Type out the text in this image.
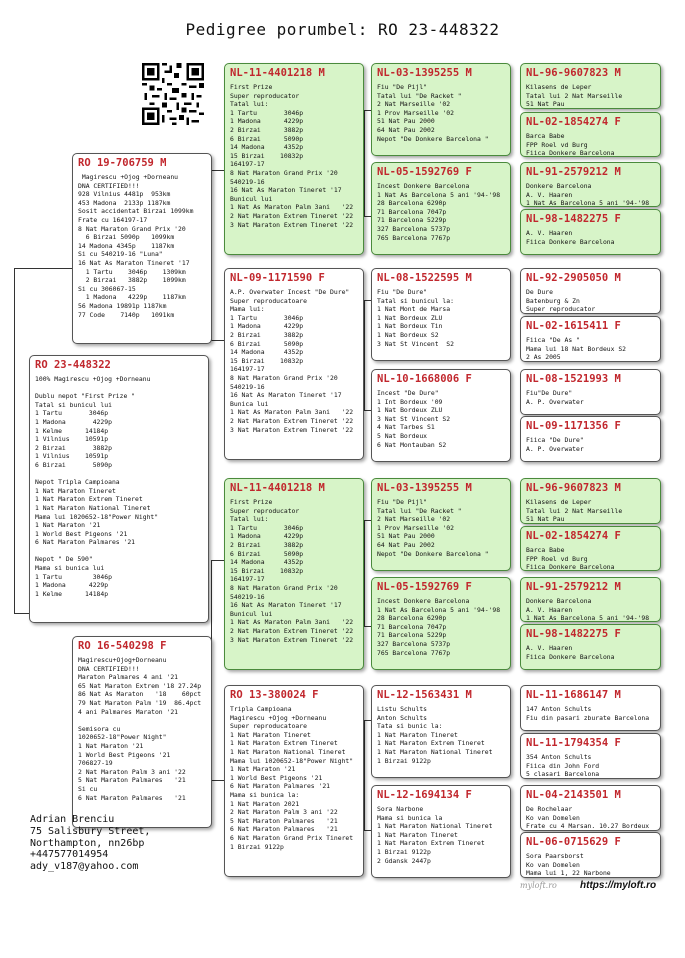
Pedigree porumbel: RO 23-448322
RO 23-448322
100% Magirescu +Ojog +Dorneanu

Dublu nepot "First Prize "
Tatal si bunicul lui
1 Tartu       3046p
1 Madona       4229p
1 Kelme      14184p
1 Vilnius    10591p
2 Birzai       3882p
1 Vilnius    10591p
6 Birzai       5090p

Nepot Tripla Campioana
1 Nat Maraton Tineret
1 Nat Maraton Extrem Tineret
1 Nat Maraton National Tineret
Mama lui 1020652-18"Power Night"
1 Nat Maraton '21
1 World Best Pigeons '21
6 Nat Maraton Palmares '21

Nepot " De 590"
Mama si bunica lui
1 Tartu        3046p
1 Madona      4229p
1 Kelme      14184p
RO 19-706759 M
Magirescu +Ojog +Dorneanu
DNA CERTIFIED!!!
928 Vilnius 4481p  953km
453 Madona  2133p 1187km
Sosit accidentat Birzai 1099km
Frate cu 164197-17
8 Nat Maraton Grand Prix '20
6 Birzai 5090p   1099km
14 Madona 4345p    1187km
Si cu 540219-16 "Luna"
16 Nat As Maraton Tineret '17
1 Tartu    3046p    1309km
2 Birzai   3882p    1099km
Si cu 306067-15
1 Madona   4229p    1187km
56 Madona 19891p 1187km
77 Code    7140p   1091km
RO 16-540298 F
Magirescu+Ojog+Dorneanu
DNA CERTIFIED!!!
Maraton Palmares 4 ani '21
65 Nat Maraton Extrem '18 27.24p
86 Nat As Maraton   '18    60pct
79 Nat Maraton Palm '19  86.4pct
4 ani Palmares Maraton '21

Semisora cu
1020652-18"Power Night"
1 Nat Maraton '21
1 World Best Pigeons '21
706827-19
2 Nat Maraton Palm 3 ani '22
5 Nat Maraton Palmares   '21
Si cu
6 Nat Maraton Palmares   '21
NL-11-4401218 M
First Prize
Super reproducator
Tatal lui:
1 Tartu       3046p
1 Madona      4229p
2 Birzai      3882p
6 Birzai      5090p
14 Madona     4352p
15 Birzai    10832p
164197-17
8 Nat Maraton Grand Prix '20
540219-16
16 Nat As Maraton Tineret '17
Bunicul lui
1 Nat As Maraton Palm 3ani   '22
2 Nat Maraton Extrem Tineret '22
3 Nat Maraton Extrem Tineret '22
NL-09-1171590 F
A.P. Overwater Incest "De Dure"
Super reproducatoare
Mama lui:
1 Tartu       3046p
1 Madona      4229p
2 Birzai      3882p
6 Birzai      5090p
14 Madona     4352p
15 Birzai    10832p
164197-17
8 Nat Maraton Grand Prix '20
540219-16
16 Nat As Maraton Tineret '17
Bunica lui
1 Nat As Maraton Palm 3ani   '22
2 Nat Maraton Extrem Tineret '22
3 Nat Maraton Extrem Tineret '22
NL-11-4401218 M
First Prize
Super reproducator
Tatal lui:
1 Tartu       3046p
1 Madona      4229p
2 Birzai      3882p
6 Birzai      5090p
14 Madona     4352p
15 Birzai    10832p
164197-17
8 Nat Maraton Grand Prix '20
540219-16
16 Nat As Maraton Tineret '17
Bunicul lui
1 Nat As Maraton Palm 3ani   '22
2 Nat Maraton Extrem Tineret '22
3 Nat Maraton Extrem Tineret '22
RO 13-380024 F
Tripla Campioana
Magirescu +Ojog +Dorneanu
Super reproducatoare
1 Nat Maraton Tineret
1 Nat Maraton Extrem Tineret
1 Nat Maraton National Tineret
Mama lui 1020652-18"Power Night"
1 Nat Maraton '21
1 World Best Pigeons '21
6 Nat Maraton Palmares '21
Mama si bunica la:
1 Nat Maraton 2021
2 Nat Maraton Palm 3 ani '22
5 Nat Maraton Palmares   '21
6 Nat Maraton Palmares   '21
6 Nat Maraton Grand Prix Tineret
1 Birzai 9122p
NL-03-1395255 M
Fiu "De Pijl"
Tatal lui "De Racket "
2 Nat Marseille '02
1 Prov Marseille '02
51 Nat Pau 2000
64 Nat Pau 2002
Nepot "De Donkere Barcelona "
NL-05-1592769 F
Incest Donkere Barcelona
1 Nat As Barcelona 5 ani '94-'98
28 Barcelona 6290p
71 Barcelona 7047p
71 Barcelona 5229p
327 Barcelona 5737p
765 Barcelona 7767p
NL-08-1522595 M
Fiu "De Dure"
Tatal si bunicul la:
1 Nat Mont de Marsa
1 Nat Bordeux ZLU
1 Nat Bordeux Tin
1 Nat Bordeux S2
3 Nat St Vincent  S2
NL-10-1668006 F
Incest "De Dure"
1 Int Bordeux '09
1 Nat Bordeux ZLU
3 Nat St Vincent S2
4 Nat Tarbes S1
5 Nat Bordeux
6 Nat Montauban S2
NL-03-1395255 M
Fiu "De Pijl"
Tatal lui "De Racket "
2 Nat Marseille '02
1 Prov Marseille '02
51 Nat Pau 2000
64 Nat Pau 2002
Nepot "De Donkere Barcelona "
NL-05-1592769 F
Incest Donkere Barcelona
1 Nat As Barcelona 5 ani '94-'98
28 Barcelona 6290p
71 Barcelona 7047p
71 Barcelona 5229p
327 Barcelona 5737p
765 Barcelona 7767p
NL-12-1563431 M
Listu Schults
Anton Schults
Tata si bunic la:
1 Nat Maraton Tineret
1 Nat Maraton Extrem Tineret
1 Nat Maraton National Tineret
1 Birzai 9122p
NL-12-1694134 F
Sora Narbone
Mama si bunica la
1 Nat Maraton National Tineret
1 Nat Maraton Tineret
1 Nat Maraton Extrem Tineret
1 Birzai 9122p
2 Gdansk 2447p
NL-96-9607823 M
Kilasens de Leper
Tatal lui 2 Nat Marseille
51 Nat Pau
NL-02-1854274 F
Barca Babe
FPP Roel vd Burg
Fiica Donkere Barcelona
NL-91-2579212 M
Donkere Barcelona
A. V. Haaren
1 Nat As Barcelona 5 ani '94-'98
NL-98-1482275 F
A. V. Haaren
Fiica Donkere Barcelona
NL-92-2905050 M
De Dure
Batenburg & Zn
Super reproducator
NL-02-1615411 F
Fiica "De As "
Mama lui 18 Nat Bordeux S2
2 As 2005
NL-08-1521993 M
Fiu"De Dure"
A. P. Overwater
NL-09-1171356 F
Fiica "De Dure"
A. P. Overwater
NL-96-9607823 M
Kilasens de Leper
Tatal lui 2 Nat Marseille
51 Nat Pau
NL-02-1854274 F
Barca Babe
FPP Roel vd Burg
Fiica Donkere Barcelona
NL-91-2579212 M
Donkere Barcelona
A. V. Haaren
1 Nat As Barcelona 5 ani '94-'98
NL-98-1482275 F
A. V. Haaren
Fiica Donkere Barcelona
NL-11-1686147 M
147 Anton Schults
Fiu din pasari zburate Barcelona
NL-11-1794354 F
354 Anton Schults
Fiica din John Ford
5 clasari Barcelona
NL-04-2143501 M
De Rochelaar
Ko van Domelen
Frate cu 4 Marsan. 10.27 Bordeux
NL-06-0715629 F
Sora Paarsborst
Ko van Domelen
Mama lui 1, 22 Narbone
Adrian Brenciu
75 Salisbury Street,
Northampton, nn26bp
+447577014954
ady_v187@yahoo.com
myloft.ro https://myloft.ro
